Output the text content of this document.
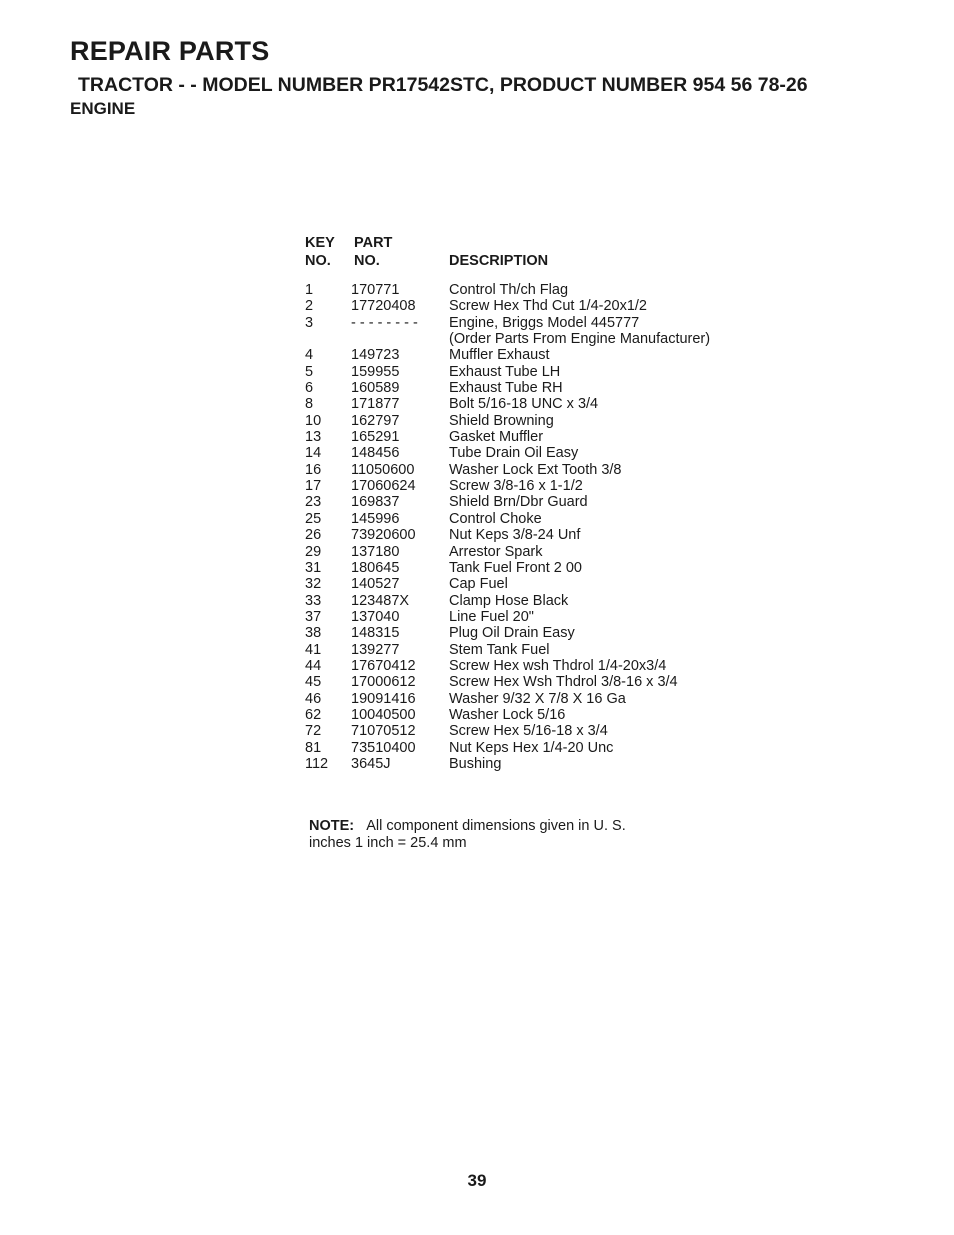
REPAIR PARTS
TRACTOR - - MODEL NUMBER PR17542STC, PRODUCT NUMBER 954 56 78-26
ENGINE
KEY	PART
NO.	NO.	DESCRIPTION
1	170771	Control Th/ch Flag
2	17720408	Screw Hex Thd Cut 1/4-20x1/2
3	- - - - - - - -	Engine, Briggs Model 445777
(Order Parts From Engine Manufacturer)
4	149723	Muffler Exhaust
5	159955	Exhaust Tube LH
6	160589	Exhaust Tube RH
8	171877	Bolt 5/16-18 UNC x 3/4
10	162797	Shield Browning
13	165291	Gasket Muffler
14	148456	Tube Drain Oil Easy
16	11050600	Washer Lock Ext Tooth 3/8
17	17060624	Screw 3/8-16 x 1-1/2
23	169837	Shield Brn/Dbr Guard
25	145996	Control Choke
26	73920600	Nut Keps 3/8-24 Unf
29	137180	Arrestor Spark
31	180645	Tank Fuel Front 2 00
32	140527	Cap Fuel
33	123487X	Clamp Hose Black
37	137040	Line Fuel 20"
38	148315	Plug Oil Drain Easy
41	139277	Stem Tank Fuel
44	17670412	Screw Hex wsh Thdrol 1/4-20x3/4
45	17000612	Screw Hex Wsh Thdrol 3/8-16 x 3/4
46	19091416	Washer 9/32 X 7/8 X 16 Ga
62	10040500	Washer Lock 5/16
72	71070512	Screw Hex 5/16-18 x 3/4
81	73510400	Nut Keps Hex 1/4-20 Unc
112	3645J	Bushing
NOTE: All component dimensions given in U. S. inches 1 inch = 25.4 mm
39
